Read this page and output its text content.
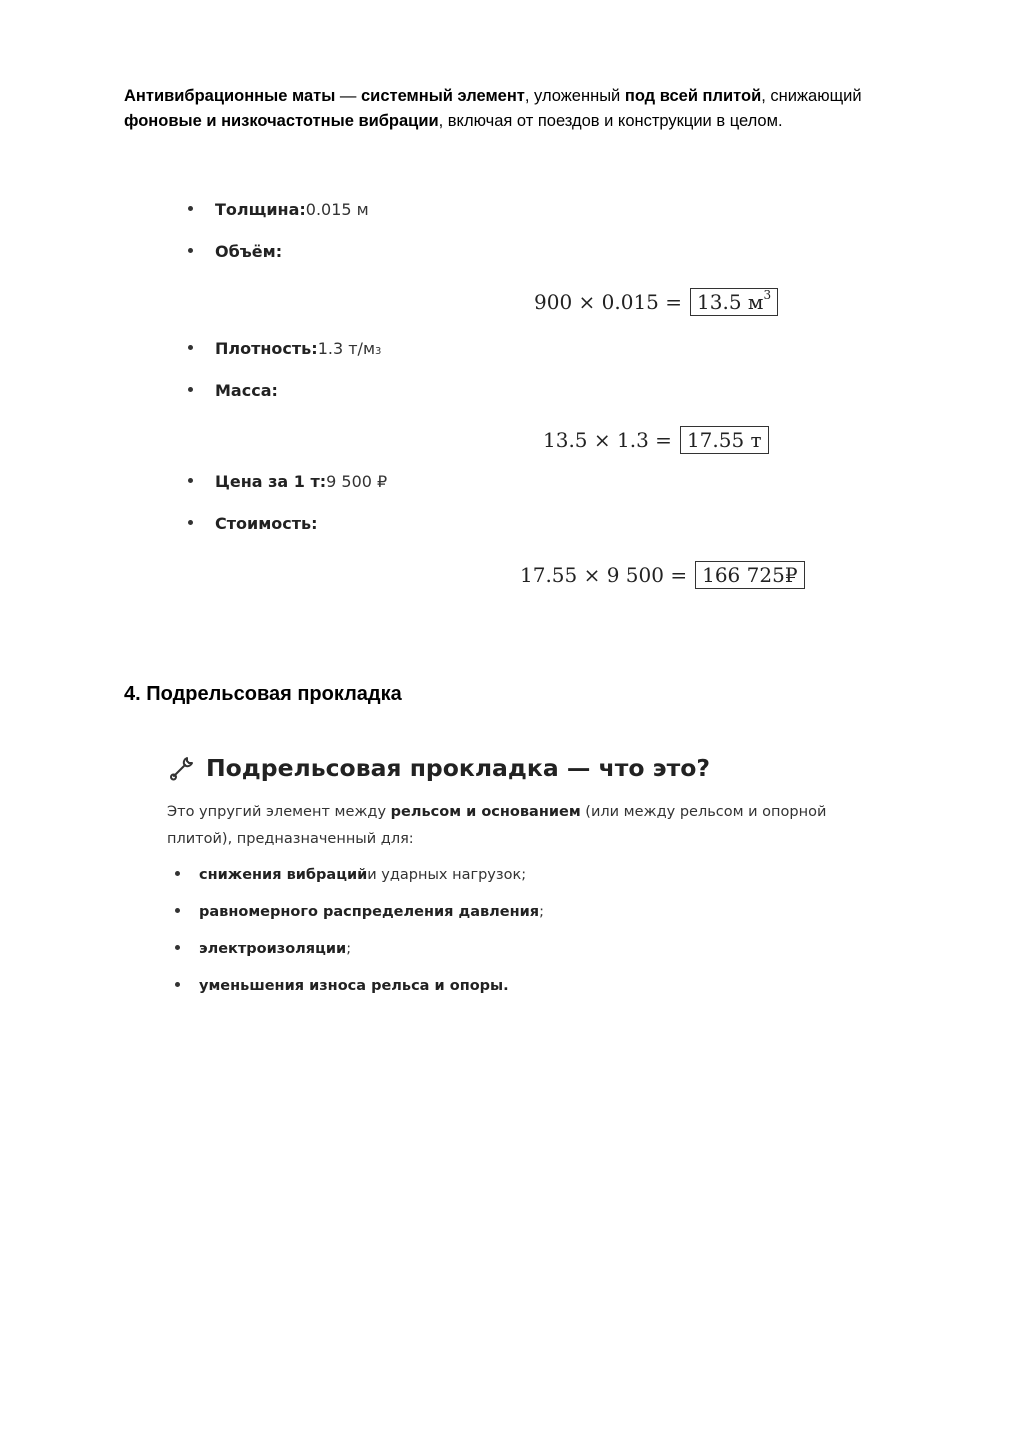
Антивибрационные маты — системный элемент, уложенный под всей плитой, снижающий фоновые и низкочастотные вибрации, включая от поездов и конструкции в целом.
Толщина: 0.015 м
Объём:
900 × 0.015 = 13.5 $м^3$
Плотность: 1.3 т/м 3
Масса:
13.5 × 1.3 = 17.55 т
Цена за 1 т: 9 500 ₽
Стоимость:
17.55 × 9 500 = 166 725₽
4. Подрельсовая прокладка
Подрельсовая прокладка — что это?
Это упругий элемент между рельсом и основанием (или между рельсом и опорной плитой), предназначенный для:
снижения вибраций и ударных нагрузок;
равномерного распределения давления ;
электроизоляции ;
уменьшения износа рельса и опоры.
